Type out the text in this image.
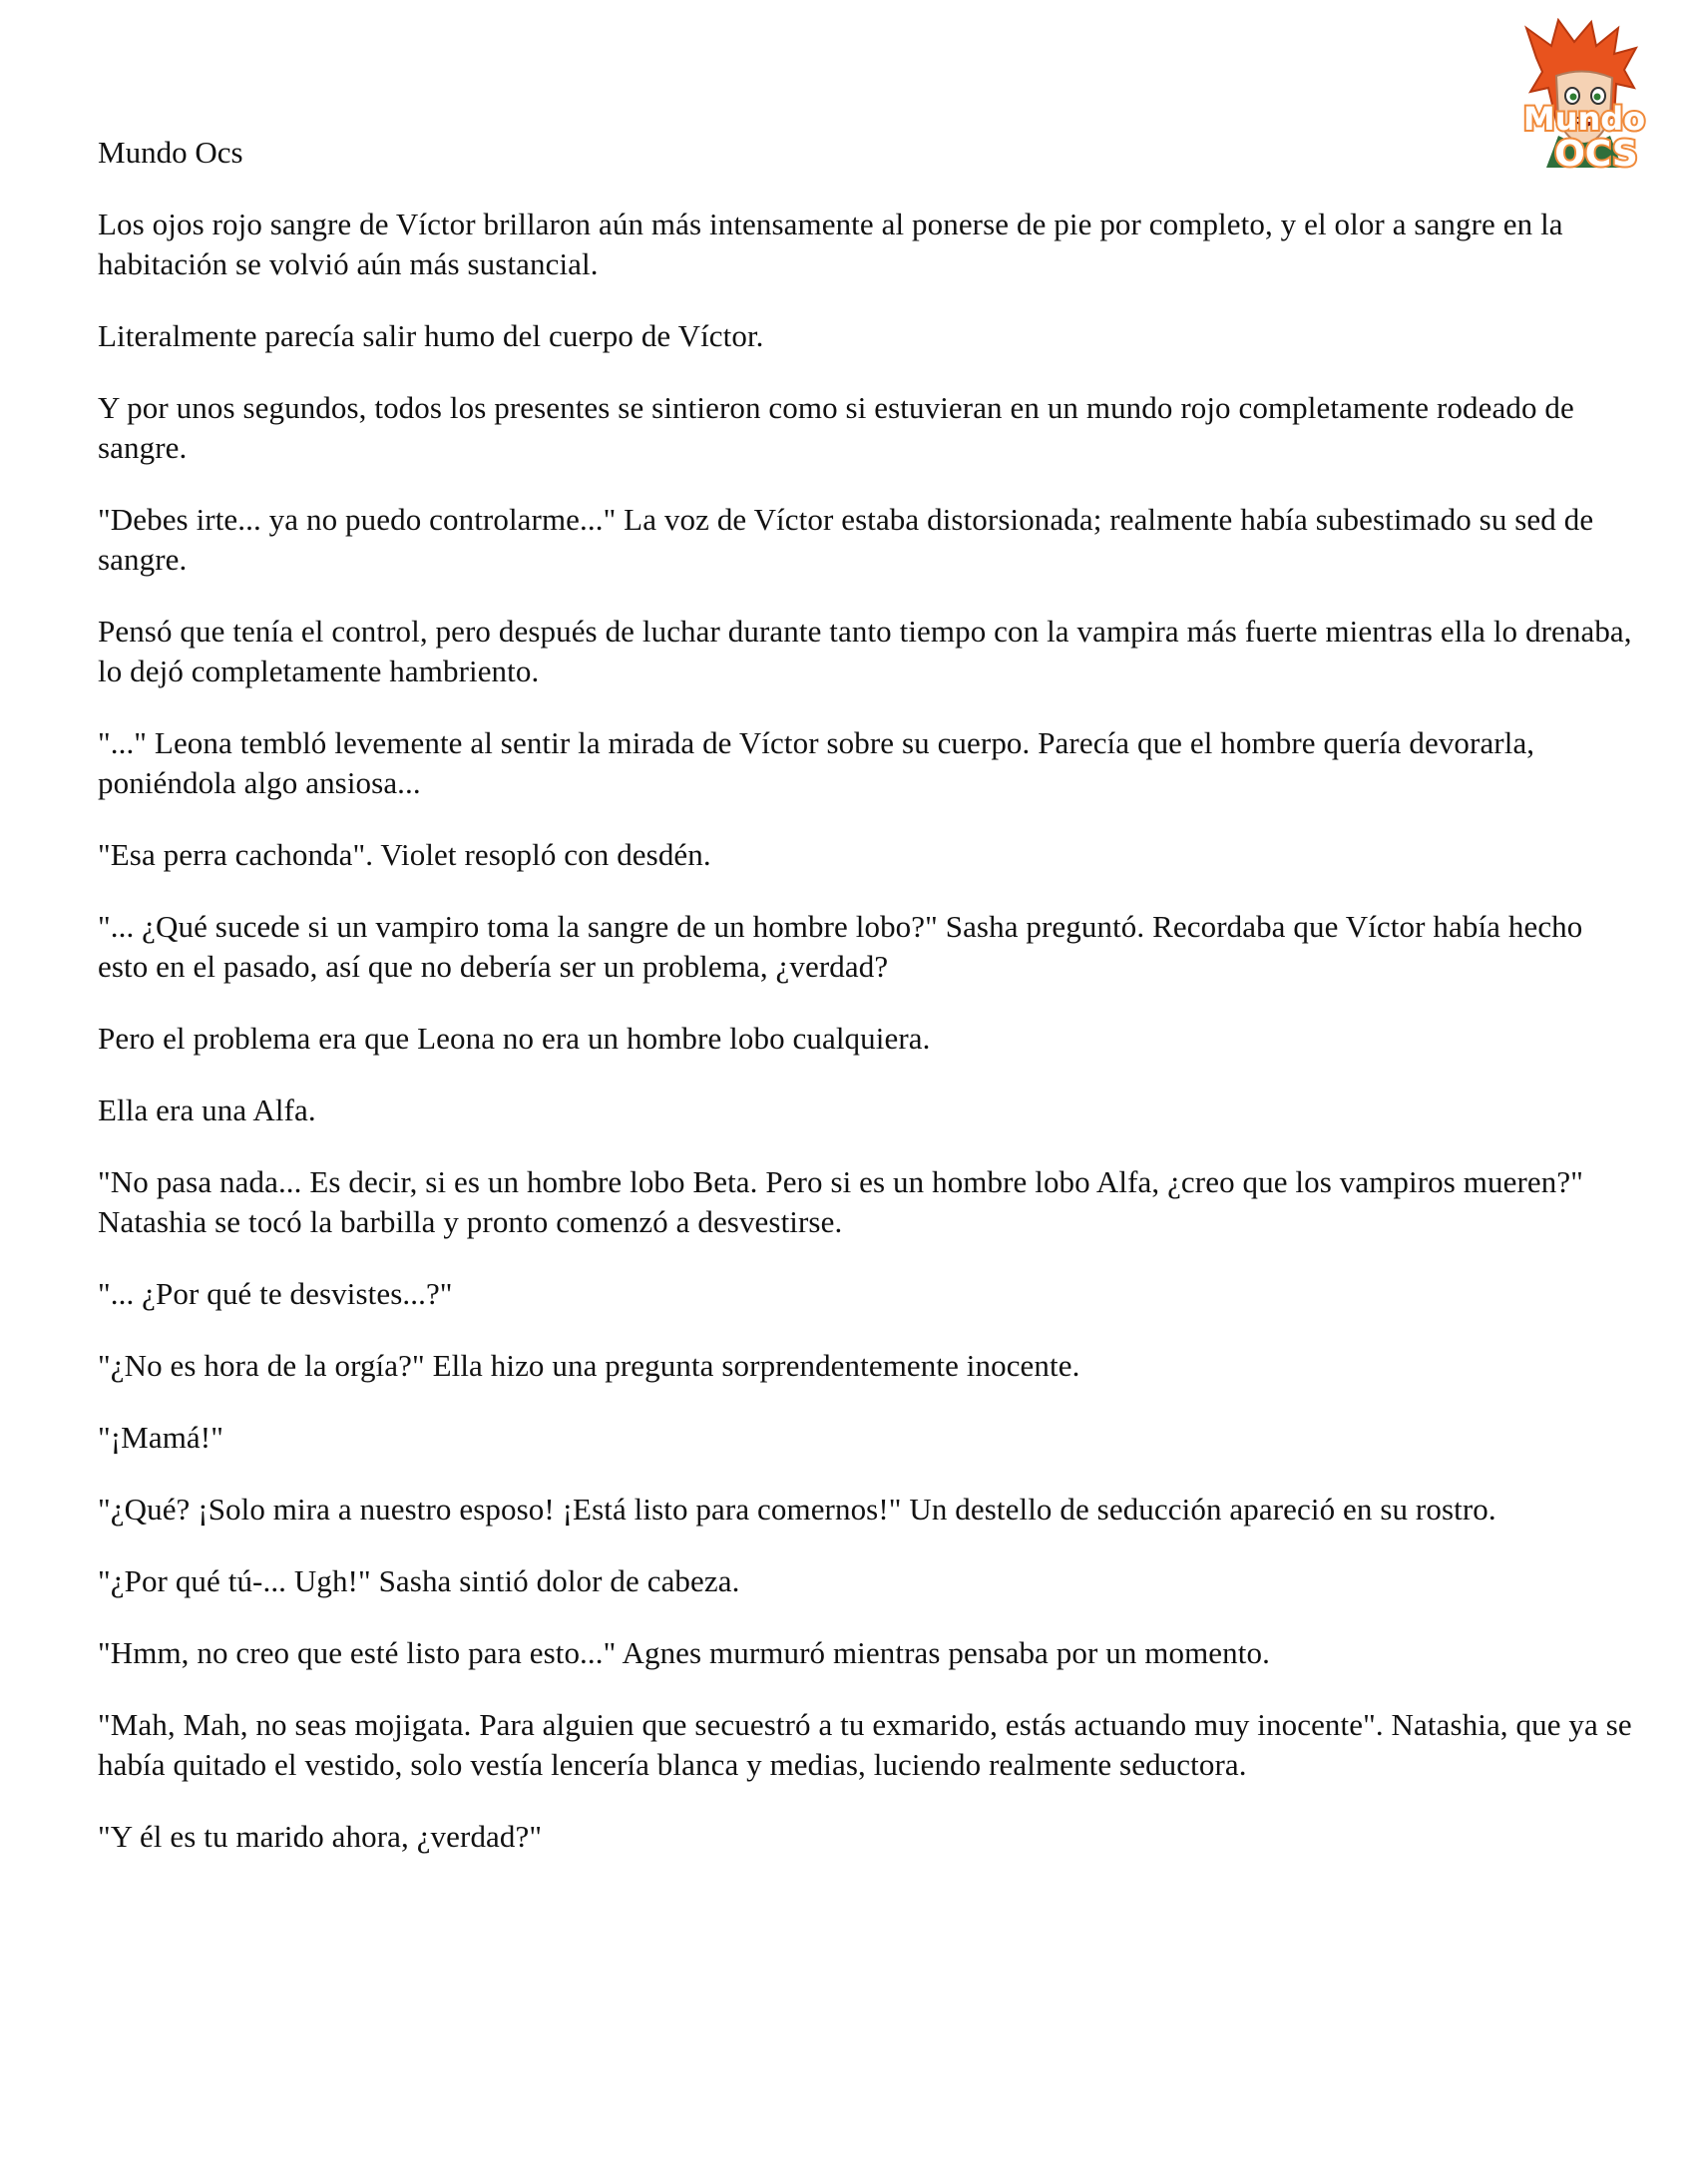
Mundo Ocs
Mundo
OCS

Los ojos rojo sangre de Víctor brillaron aún más intensamente al ponerse de pie por completo, y el olor a sangre en la habitación se volvió aún más sustancial.

Literalmente parecía salir humo del cuerpo de Víctor.

Y por unos segundos, todos los presentes se sintieron como si estuvieran en un mundo rojo completamente rodeado de sangre.

"Debes irte... ya no puedo controlarme..." La voz de Víctor estaba distorsionada; realmente había subestimado su sed de sangre.

Pensó que tenía el control, pero después de luchar durante tanto tiempo con la vampira más fuerte mientras ella lo drenaba, lo dejó completamente hambriento.

"..." Leona tembló levemente al sentir la mirada de Víctor sobre su cuerpo. Parecía que el hombre quería devorarla, poniéndola algo ansiosa...

"Esa perra cachonda". Violet resopló con desdén.

"... ¿Qué sucede si un vampiro toma la sangre de un hombre lobo?" Sasha preguntó. Recordaba que Víctor había hecho esto en el pasado, así que no debería ser un problema, ¿verdad?

Pero el problema era que Leona no era un hombre lobo cualquiera.

Ella era una Alfa.

"No pasa nada... Es decir, si es un hombre lobo Beta. Pero si es un hombre lobo Alfa, ¿creo que los vampiros mueren?" Natashia se tocó la barbilla y pronto comenzó a desvestirse.

"... ¿Por qué te desvistes...?"

"¿No es hora de la orgía?" Ella hizo una pregunta sorprendentemente inocente.

"¡Mamá!"

"¿Qué? ¡Solo mira a nuestro esposo! ¡Está listo para comernos!" Un destello de seducción apareció en su rostro.

"¿Por qué tú-... Ugh!" Sasha sintió dolor de cabeza.

"Hmm, no creo que esté listo para esto..." Agnes murmuró mientras pensaba por un momento.

"Mah, Mah, no seas mojigata. Para alguien que secuestró a tu exmarido, estás actuando muy inocente". Natashia, que ya se había quitado el vestido, solo vestía lencería blanca y medias, luciendo realmente seductora.

"Y él es tu marido ahora, ¿verdad?"
